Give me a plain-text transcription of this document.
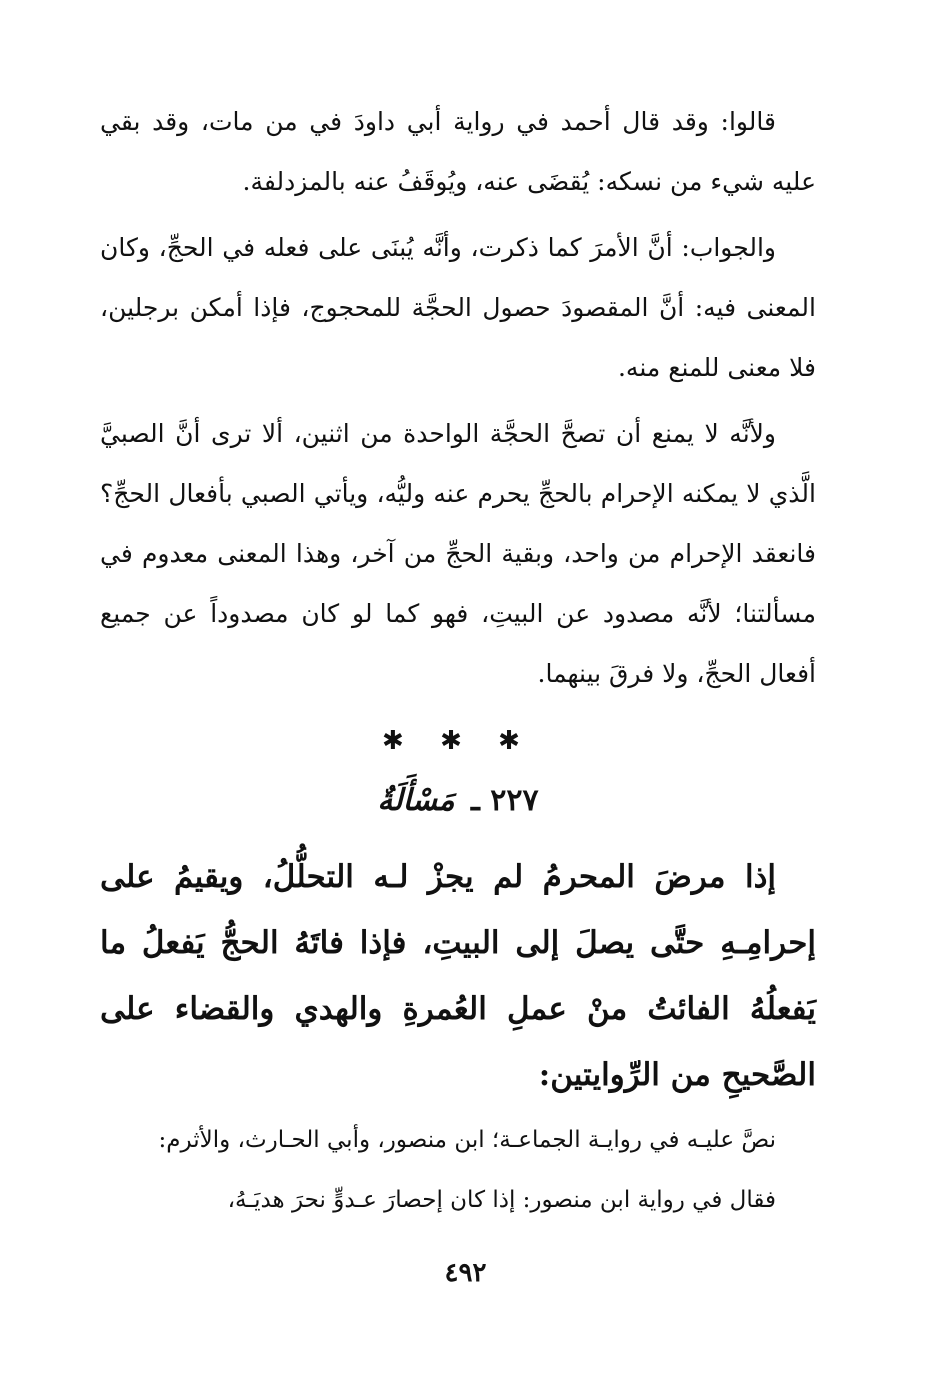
قالوا: وقد قال أحمد في رواية أبي داودَ في من مات، وقد بقي عليه شيء من نسكه: يُقضَى عنه، ويُوقَفُ عنه بالمزدلفة.

والجواب: أنَّ الأمرَ كما ذكرت، وأنَّه يُبنَى على فعله في الحجِّ، وكان المعنى فيه: أنَّ المقصودَ حصول الحجَّة للمحجوج، فإذا أمكن برجلين، فلا معنى للمنع منه.

ولأنَّه لا يمنع أن تصحَّ الحجَّة الواحدة من اثنين، ألا ترى أنَّ الصبيَّ الَّذي لا يمكنه الإحرام بالحجِّ يحرم عنه وليُّه، ويأتي الصبي بأفعال الحجِّ؟ فانعقد الإحرام من واحد، وبقية الحجِّ من آخر، وهذا المعنى معدوم في مسألتنا؛ لأنَّه مصدود عن البيتِ، فهو كما لو كان مصدوداً عن جميع أفعال الحجِّ، ولا فرقَ بينهما.

✱ ✱ ✱
٢٢٧ ـ مَسْأَلَةٌ

إذا مرضَ المحرمُ لم يجزْ لـه التحلُّلُ، ويقيمُ على إحرامِـهِ حتَّى يصلَ إلى البيتِ، فإذا فاتَهُ الحجُّ يَفعلُ ما يَفعلُهُ الفائتُ منْ عملِ العُمرةِ والهدي والقضاء على الصَّحيحِ من الرِّوايتين:

نصَّ عليـه في روايـة الجماعـة؛ ابن منصور، وأبي الحـارث، والأثرم:

فقال في رواية ابن منصور: إذا كان إحصارَ عـدوٍّ نحرَ هديَـهُ،

٤٩٢
